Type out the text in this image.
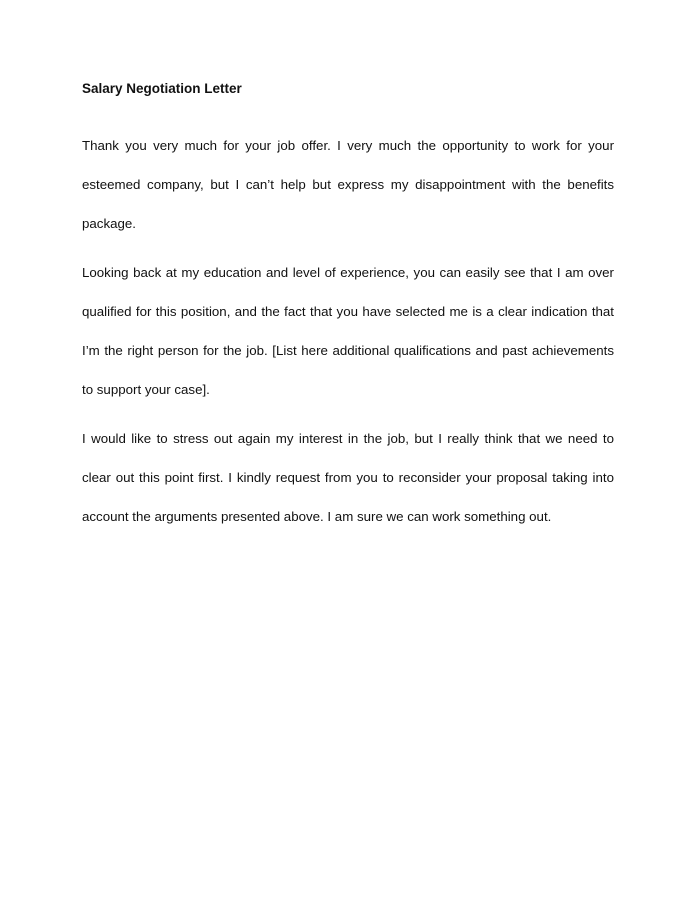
Salary Negotiation Letter

Thank you very much for your job offer. I very much the opportunity to work for your esteemed company, but I can’t help but express my disappointment with the benefits package.

Looking back at my education and level of experience, you can easily see that I am over qualified for this position, and the fact that you have selected me is a clear indication that I’m the right person for the job. [List here additional qualifications and past achievements to support your case].

I would like to stress out again my interest in the job, but I really think that we need to clear out this point first. I kindly request from you to reconsider your proposal taking into account the arguments presented above. I am sure we can work something out.
